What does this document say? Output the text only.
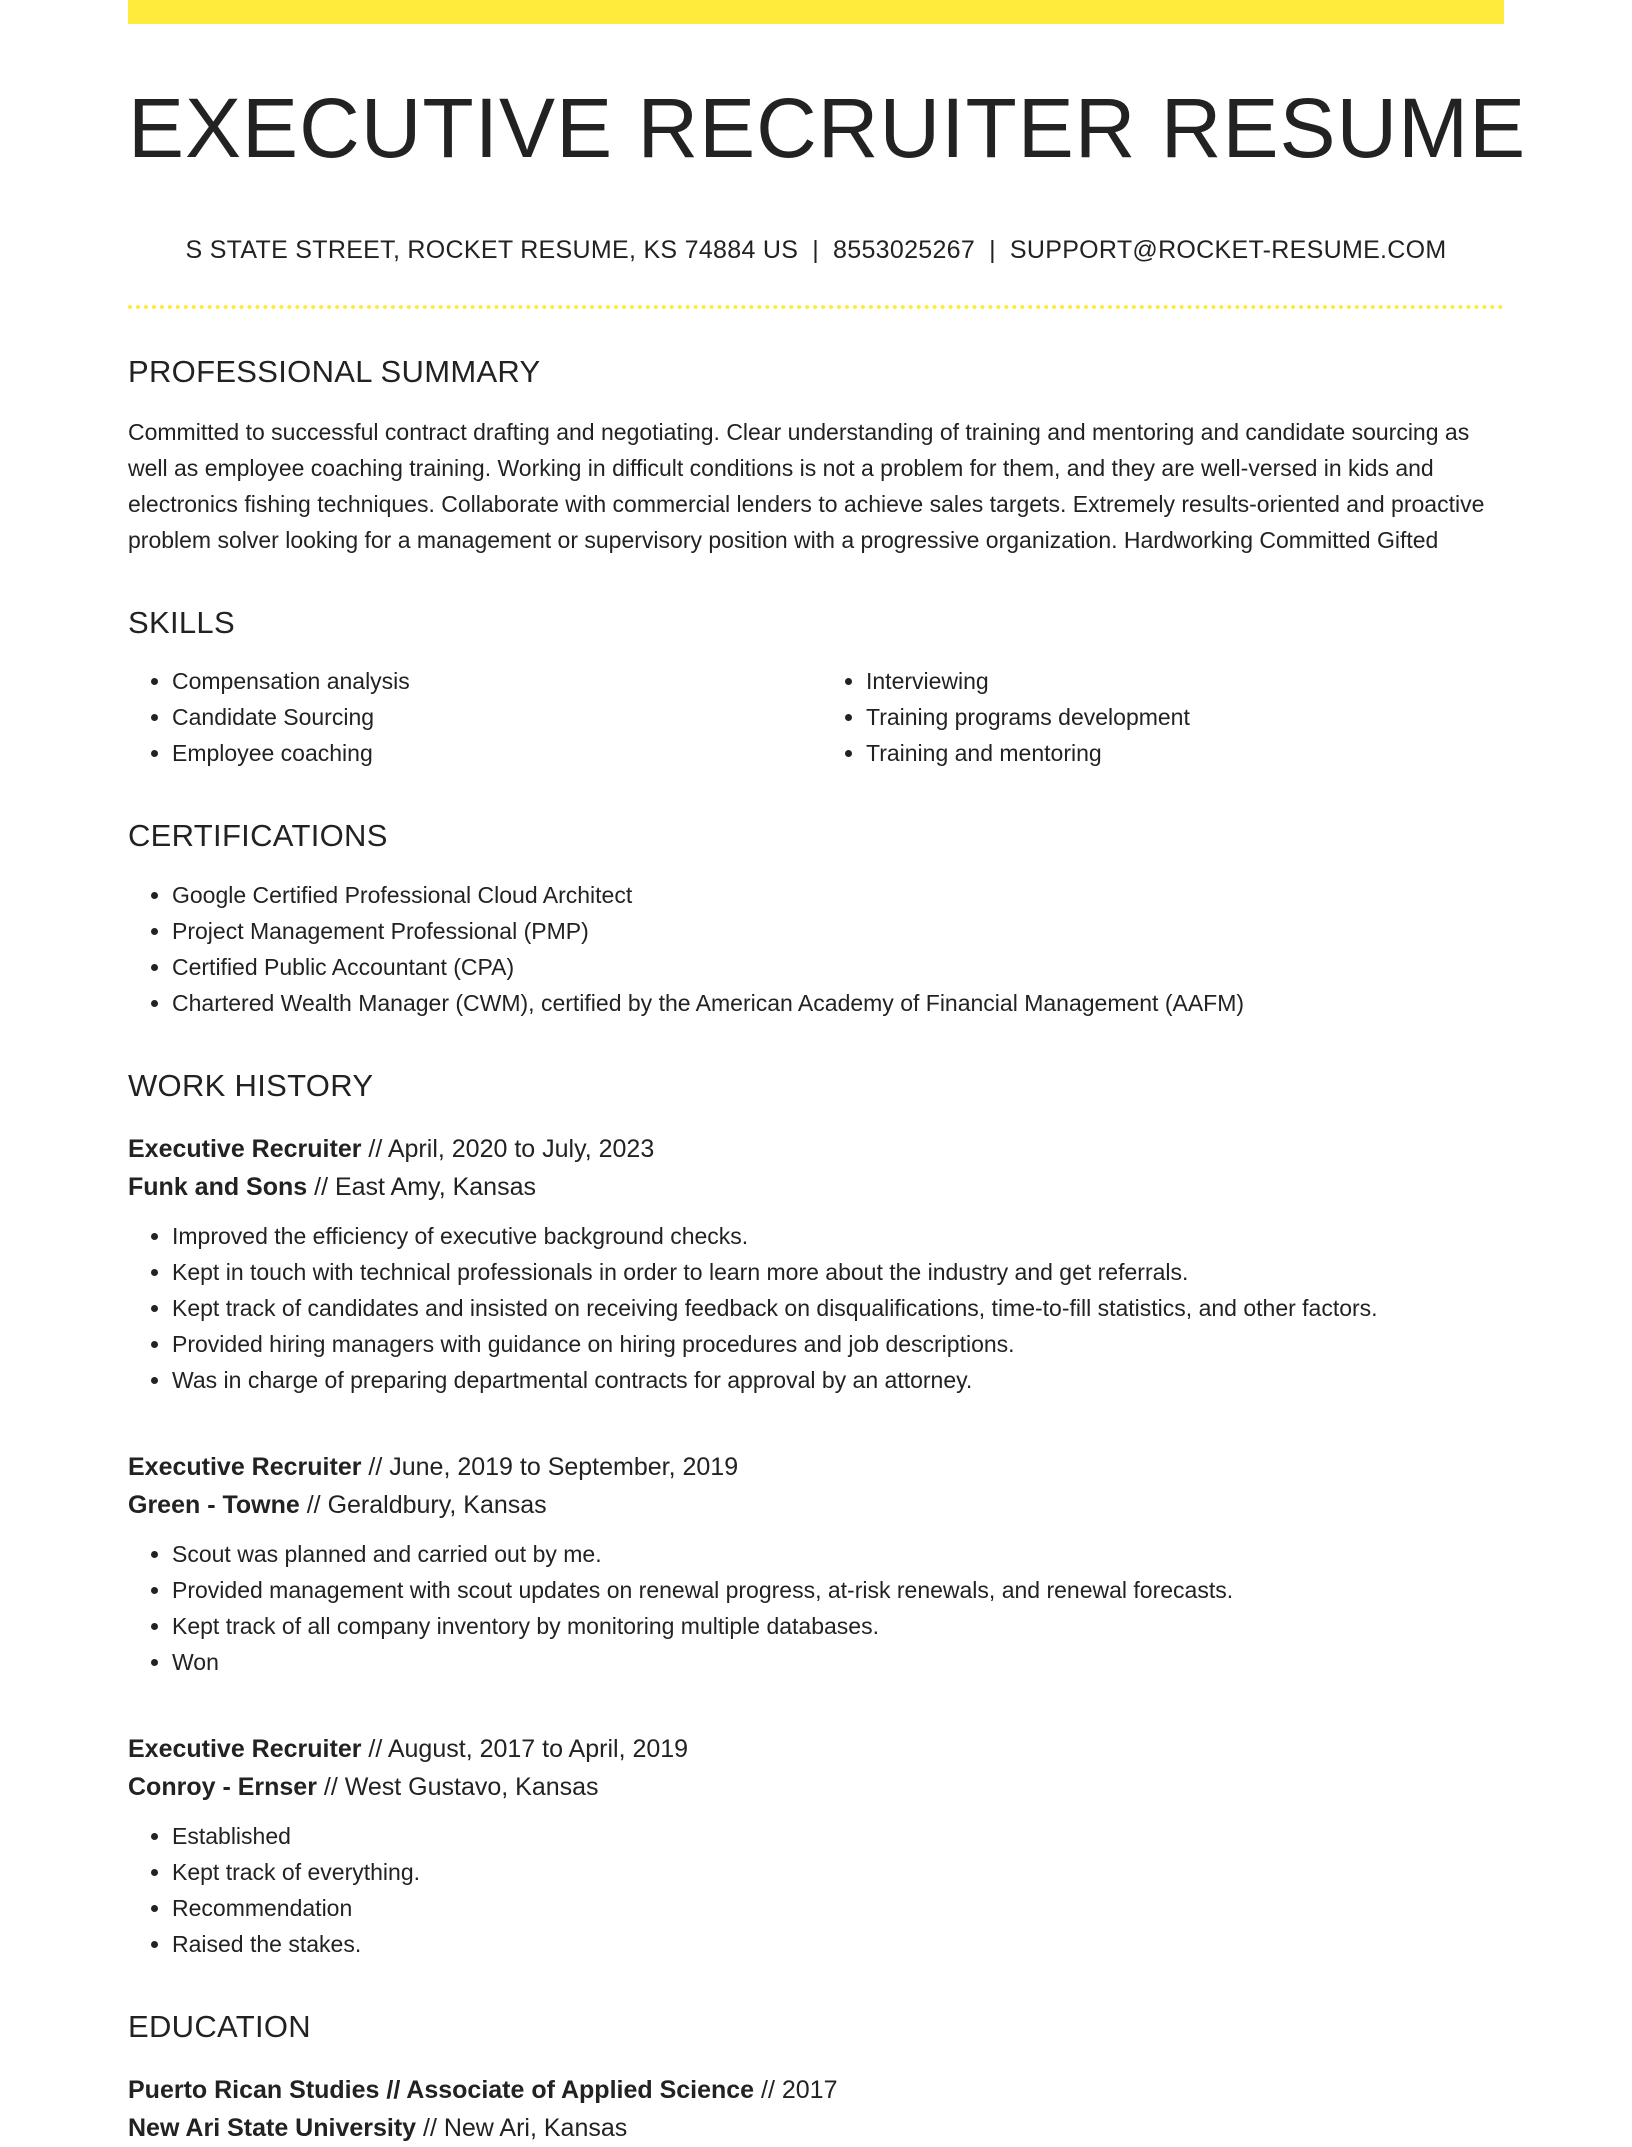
EXECUTIVE RECRUITER RESUME
S STATE STREET, ROCKET RESUME, KS 74884 US | 8553025267 | SUPPORT@ROCKET-RESUME.COM
PROFESSIONAL SUMMARY

Committed to successful contract drafting and negotiating. Clear understanding of training and mentoring and candidate sourcing as well as employee coaching training. Working in difficult conditions is not a problem for them, and they are well-versed in kids and electronics fishing techniques. Collaborate with commercial lenders to achieve sales targets. Extremely results-oriented and proactive problem solver looking for a management or supervisory position with a progressive organization. Hardworking Committed Gifted

SKILLS
• Compensation analysis
• Candidate Sourcing
• Employee coaching
• Interviewing
• Training programs development
• Training and mentoring
CERTIFICATIONS
• Google Certified Professional Cloud Architect
• Project Management Professional (PMP)
• Certified Public Accountant (CPA)
• Chartered Wealth Manager (CWM), certified by the American Academy of Financial Management (AAFM)
WORK HISTORY
Executive Recruiter // April, 2020 to July, 2023
Funk and Sons // East Amy, Kansas
• Improved the efficiency of executive background checks.
• Kept in touch with technical professionals in order to learn more about the industry and get referrals.
• Kept track of candidates and insisted on receiving feedback on disqualifications, time-to-fill statistics, and other factors.
• Provided hiring managers with guidance on hiring procedures and job descriptions.
• Was in charge of preparing departmental contracts for approval by an attorney.
Executive Recruiter // June, 2019 to September, 2019
Green - Towne // Geraldbury, Kansas
• Scout was planned and carried out by me.
• Provided management with scout updates on renewal progress, at-risk renewals, and renewal forecasts.
• Kept track of all company inventory by monitoring multiple databases.
• Won
Executive Recruiter // August, 2017 to April, 2019
Conroy - Ernser // West Gustavo, Kansas
• Established
• Kept track of everything.
• Recommendation
• Raised the stakes.
EDUCATION
Puerto Rican Studies // Associate of Applied Science // 2017
New Ari State University // New Ari, Kansas
